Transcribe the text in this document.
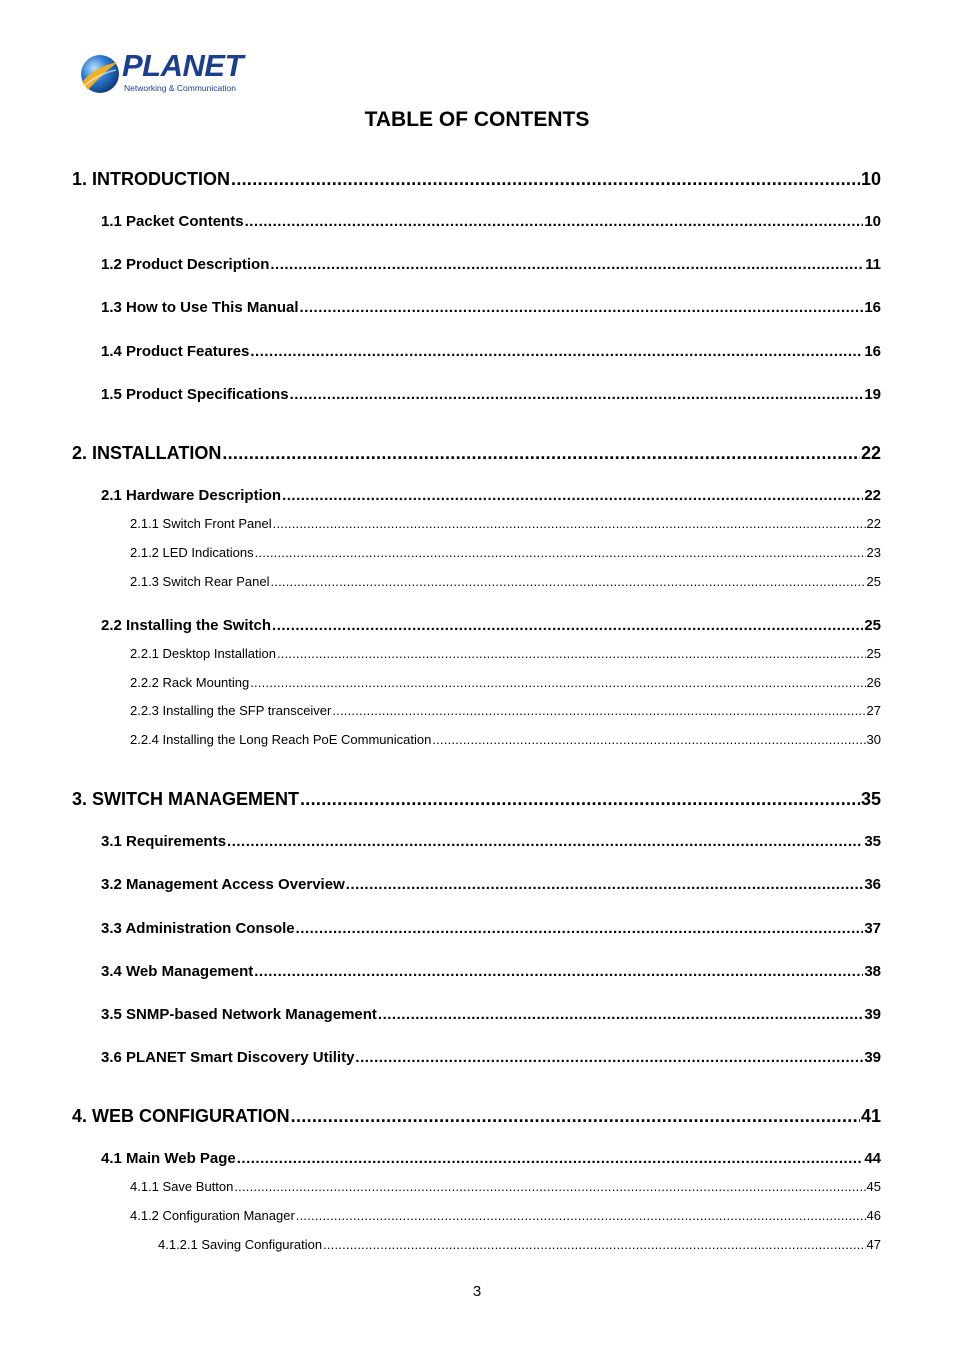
PLANET
Networking & Communication
TABLE OF CONTENTS
1. INTRODUCTION .....	10
1.1 Packet Contents .....	10
1.2 Product Description .....	11
1.3 How to Use This Manual .....	16
1.4 Product Features .....	16
1.5 Product Specifications .....	19
2. INSTALLATION .....	22
2.1 Hardware Description .....	22
2.1.1 Switch Front Panel .....	22
2.1.2 LED Indications .....	23
2.1.3 Switch Rear Panel .....	25
2.2 Installing the Switch .....	25
2.2.1 Desktop Installation .....	25
2.2.2 Rack Mounting .....	26
2.2.3 Installing the SFP transceiver .....	27
2.2.4 Installing the Long Reach PoE Communication .....	30
3. SWITCH MANAGEMENT .....	35
3.1 Requirements .....	35
3.2 Management Access Overview .....	36
3.3 Administration Console .....	37
3.4 Web Management .....	38
3.5 SNMP-based Network Management .....	39
3.6 PLANET Smart Discovery Utility .....	39
4. WEB CONFIGURATION .....	41
4.1 Main Web Page .....	44
4.1.1 Save Button .....	45
4.1.2 Configuration Manager .....	46
4.1.2.1 Saving Configuration .....	47
3
